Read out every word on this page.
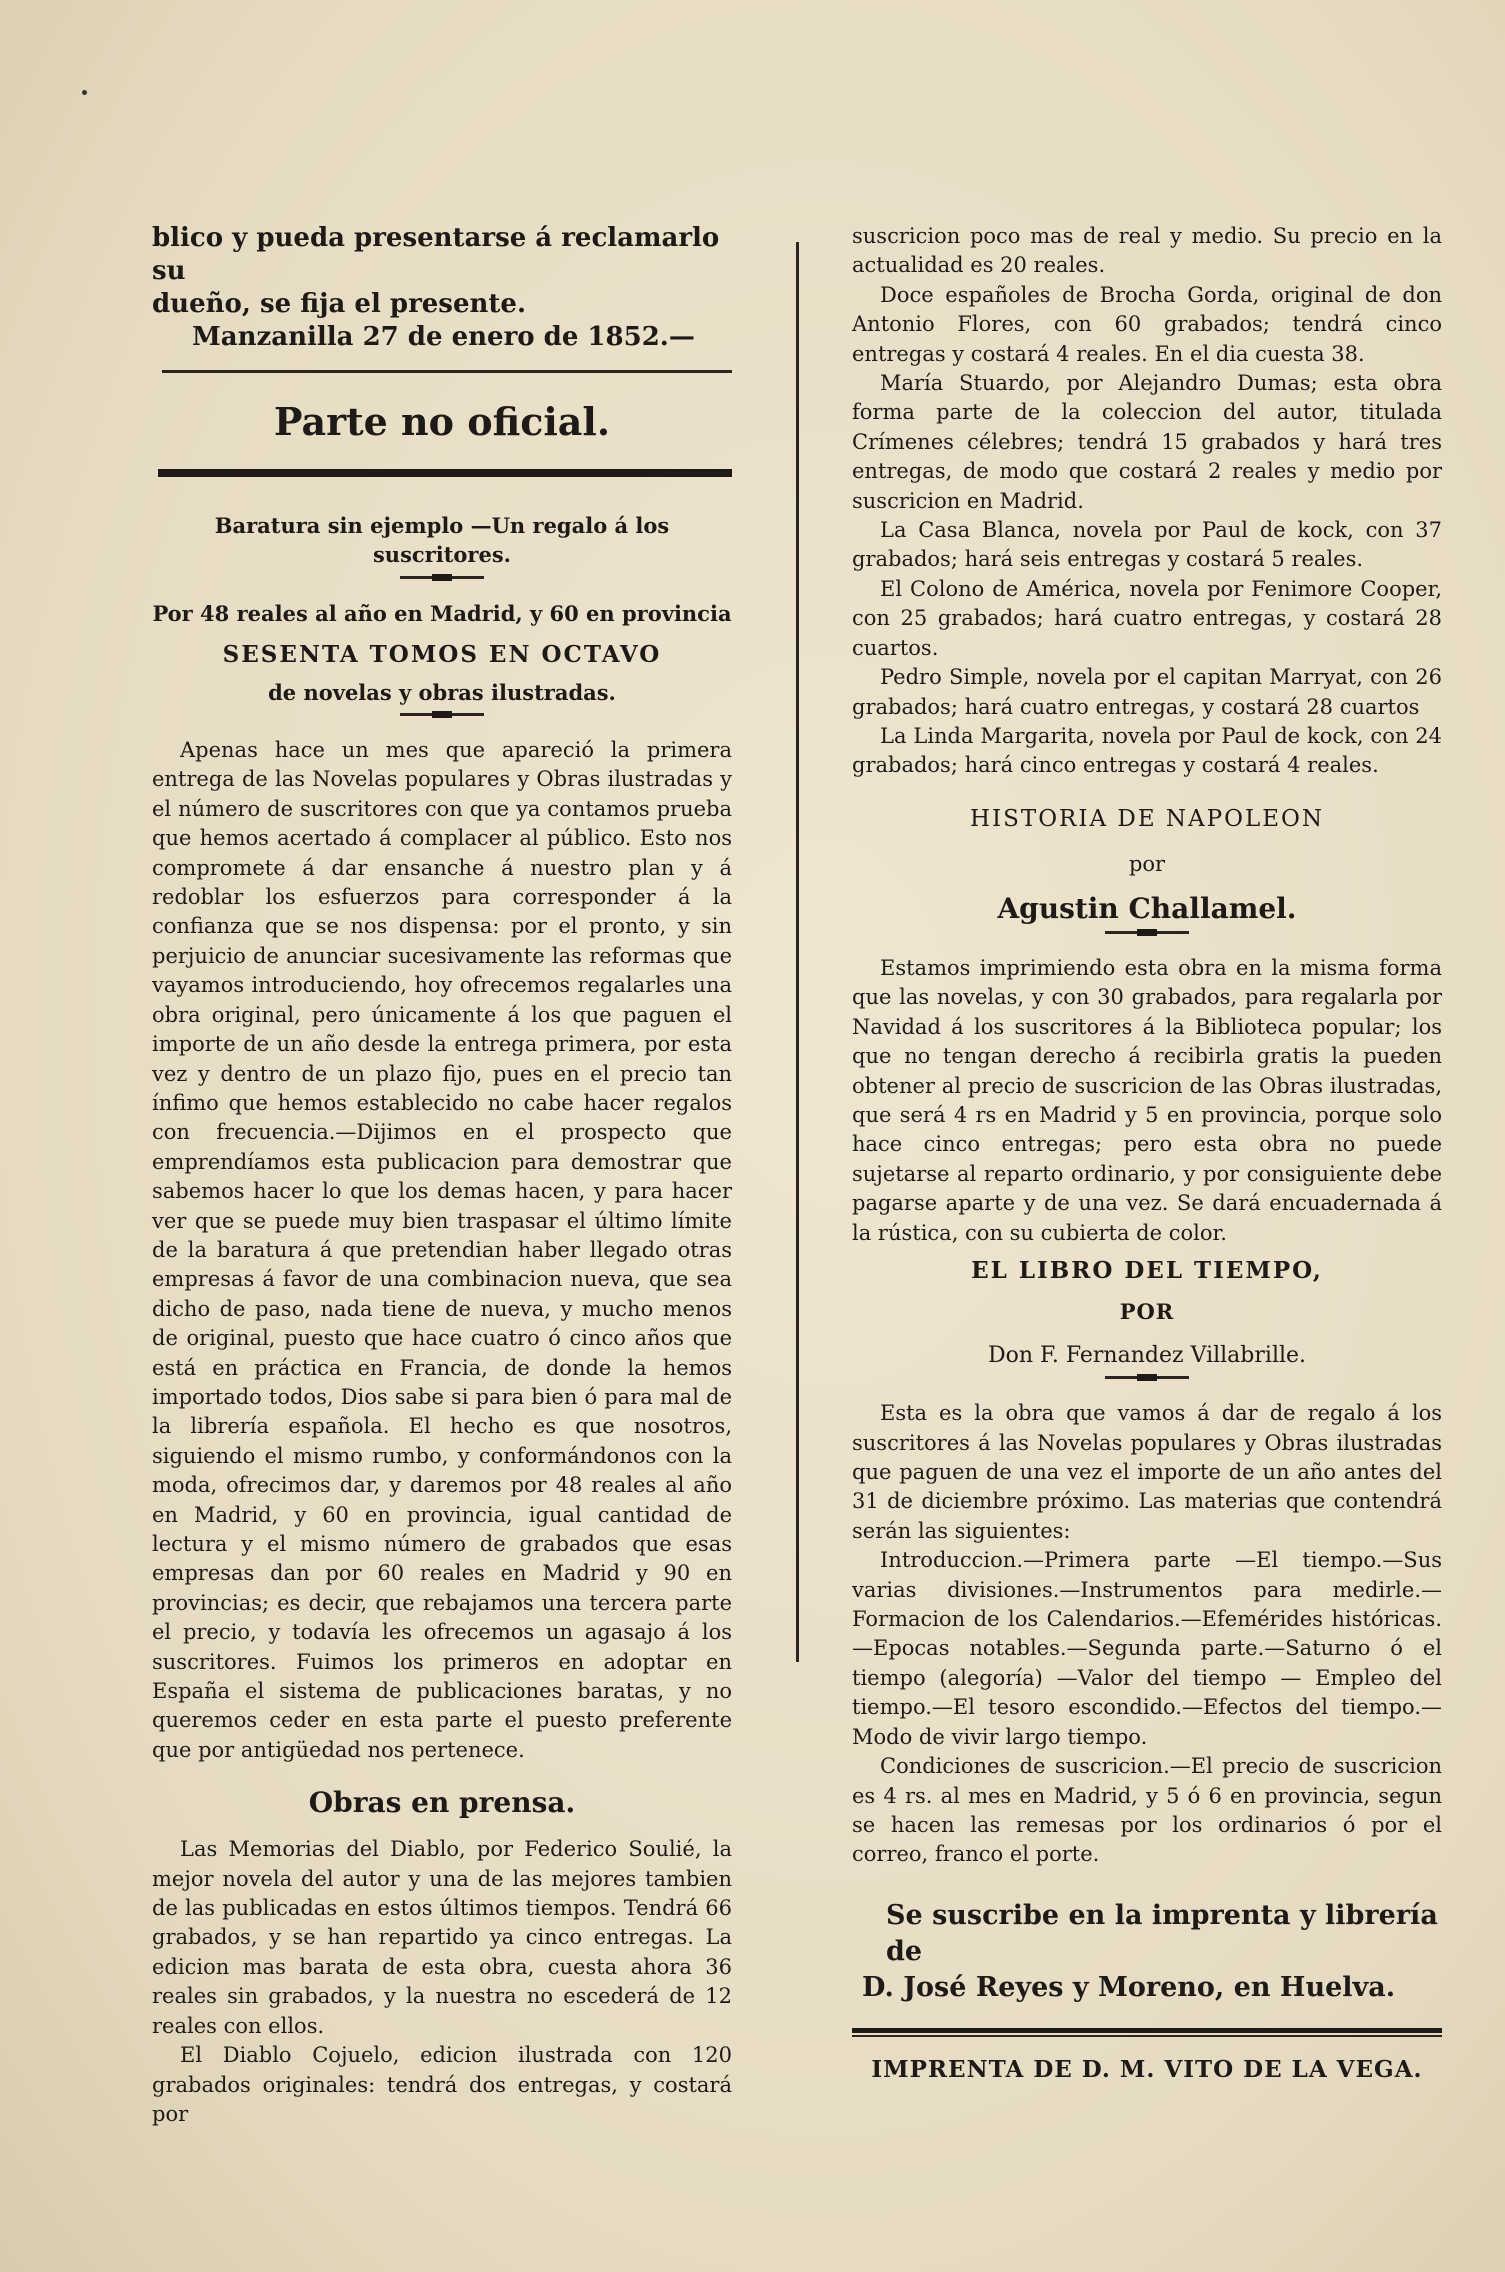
blico y pueda presentarse á reclamarlo su
dueño, se fija el presente.
Manzanilla 27 de enero de 1852.—
Parte no oficial.

Baratura sin ejemplo —Un regalo á los suscritores.

Por 48 reales al año en Madrid, y 60 en provincia

SESENTA TOMOS EN OCTAVO

de novelas y obras ilustradas.

Apenas hace un mes que apareció la primera entrega de las Novelas populares y Obras ilustradas y el número de suscritores con que ya contamos prueba que hemos acertado á complacer al público. Esto nos compromete á dar ensanche á nuestro plan y á redoblar los esfuerzos para corresponder á la confianza que se nos dispensa: por el pronto, y sin perjuicio de anunciar sucesivamente las reformas que vayamos introduciendo, hoy ofrecemos regalarles una obra original, pero únicamente á los que paguen el importe de un año desde la entrega primera, por esta vez y dentro de un plazo fijo, pues en el precio tan ínfimo que hemos establecido no cabe hacer regalos con frecuencia.—Dijimos en el prospecto que emprendíamos esta publicacion para demostrar que sabemos hacer lo que los demas hacen, y para hacer ver que se puede muy bien traspasar el último límite de la baratura á que pretendian haber llegado otras empresas á favor de una combinacion nueva, que sea dicho de paso, nada tiene de nueva, y mucho menos de original, puesto que hace cuatro ó cinco años que está en práctica en Francia, de donde la hemos importado todos, Dios sabe si para bien ó para mal de la librería española. El hecho es que nosotros, siguiendo el mismo rumbo, y conformándonos con la moda, ofrecimos dar, y daremos por 48 reales al año en Madrid, y 60 en provincia, igual cantidad de lectura y el mismo número de grabados que esas empresas dan por 60 reales en Madrid y 90 en provincias; es decir, que rebajamos una tercera parte el precio, y todavía les ofrecemos un agasajo á los suscritores. Fuimos los primeros en adoptar en España el sistema de publicaciones baratas, y no queremos ceder en esta parte el puesto preferente que por antigüedad nos pertenece.

Obras en prensa.

Las Memorias del Diablo, por Federico Soulié, la mejor novela del autor y una de las mejores tambien de las publicadas en estos últimos tiempos. Tendrá 66 grabados, y se han repartido ya cinco entregas. La edicion mas barata de esta obra, cuesta ahora 36 reales sin grabados, y la nuestra no escederá de 12 reales con ellos.

El Diablo Cojuelo, edicion ilustrada con 120 grabados originales: tendrá dos entregas, y costará por

suscricion poco mas de real y medio. Su precio en la actualidad es 20 reales.

Doce españoles de Brocha Gorda, original de don Antonio Flores, con 60 grabados; tendrá cinco entregas y costará 4 reales. En el dia cuesta 38.

María Stuardo, por Alejandro Dumas; esta obra forma parte de la coleccion del autor, titulada Crímenes célebres; tendrá 15 grabados y hará tres entregas, de modo que costará 2 reales y medio por suscricion en Madrid.

La Casa Blanca, novela por Paul de kock, con 37 grabados; hará seis entregas y costará 5 reales.

El Colono de América, novela por Fenimore Cooper, con 25 grabados; hará cuatro entregas, y costará 28 cuartos.

Pedro Simple, novela por el capitan Marryat, con 26 grabados; hará cuatro entregas, y costará 28 cuartos

La Linda Margarita, novela por Paul de kock, con 24 grabados; hará cinco entregas y costará 4 reales.

HISTORIA DE NAPOLEON

por

Agustin Challamel.

Estamos imprimiendo esta obra en la misma forma que las novelas, y con 30 grabados, para regalarla por Navidad á los suscritores á la Biblioteca popular; los que no tengan derecho á recibirla gratis la pueden obtener al precio de suscricion de las Obras ilustradas, que será 4 rs en Madrid y 5 en provincia, porque solo hace cinco entregas; pero esta obra no puede sujetarse al reparto ordinario, y por consiguiente debe pagarse aparte y de una vez. Se dará encuadernada á la rústica, con su cubierta de color.

EL LIBRO DEL TIEMPO,

POR

Don F. Fernandez Villabrille.

Esta es la obra que vamos á dar de regalo á los suscritores á las Novelas populares y Obras ilustradas que paguen de una vez el importe de un año antes del 31 de diciembre próximo. Las materias que contendrá serán las siguientes:

Introduccion.—Primera parte —El tiempo.—Sus varias divisiones.—Instrumentos para medirle.—Formacion de los Calendarios.—Efemérides históricas.—Epocas notables.—Segunda parte.—Saturno ó el tiempo (alegoría) —Valor del tiempo — Empleo del tiempo.—El tesoro escondido.—Efectos del tiempo.—Modo de vivir largo tiempo.

Condiciones de suscricion.—El precio de suscricion es 4 rs. al mes en Madrid, y 5 ó 6 en provincia, segun se hacen las remesas por los ordinarios ó por el correo, franco el porte.

Se suscribe en la imprenta y librería de
D. José Reyes y Moreno, en Huelva.

IMPRENTA DE D. M. VITO DE LA VEGA.
